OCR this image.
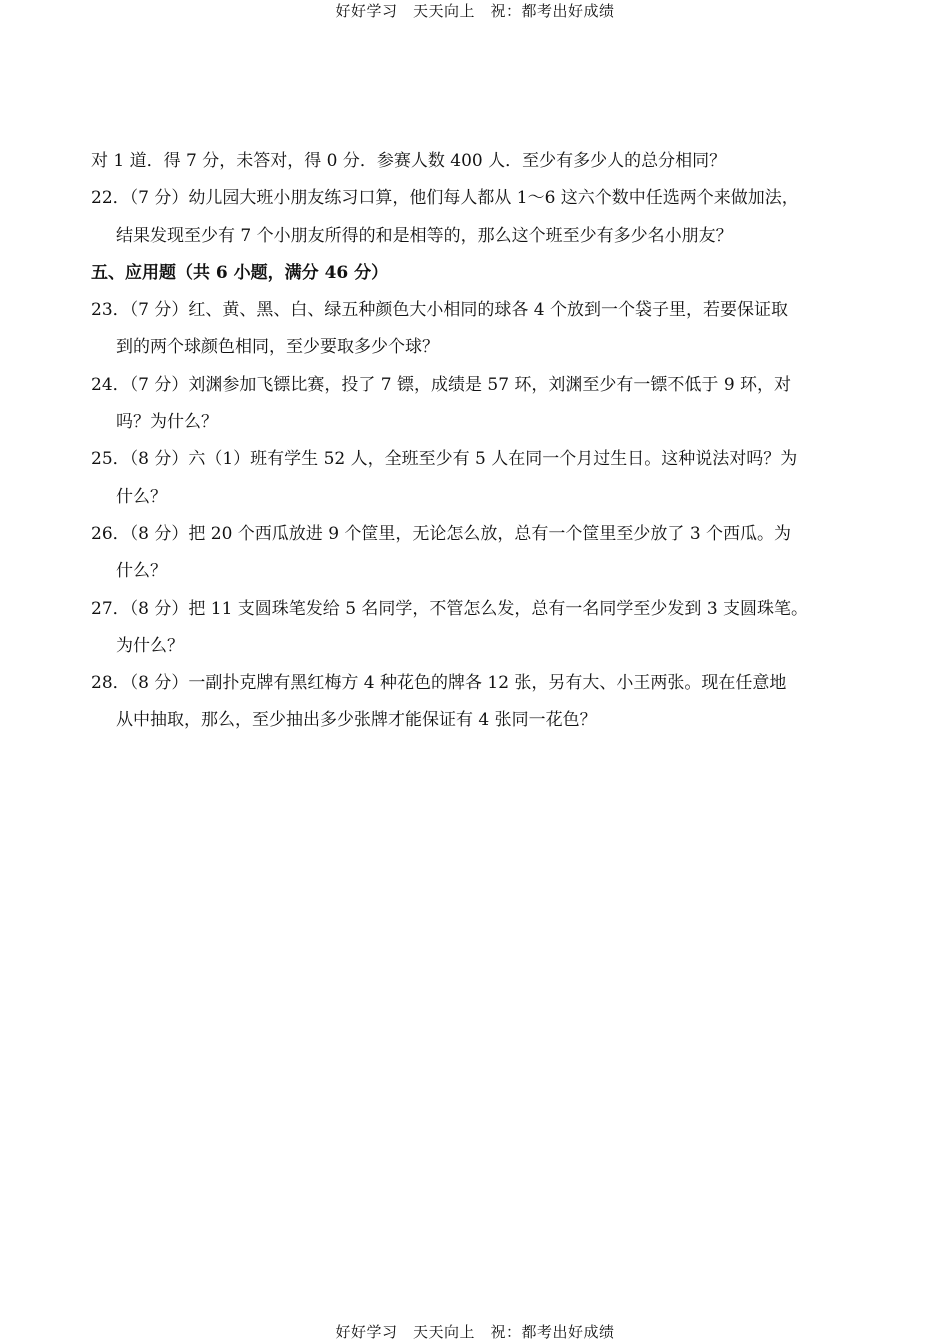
好好学习　天天向上　祝：都考出好成绩
对 1 道．得 7 分，未答对，得 0 分．参赛人数 400 人．至少有多少人的总分相同？
22．（7 分）幼儿园大班小朋友练习口算，他们每人都从 1～6 这六个数中任选两个来做加法，
结果发现至少有 7 个小朋友所得的和是相等的，那么这个班至少有多少名小朋友？
五、应用题（共 6 小题，满分 46 分）
23．（7 分）红、黄、黑、白、绿五种颜色大小相同的球各 4 个放到一个袋子里，若要保证取
到的两个球颜色相同，至少要取多少个球？
24．（7 分）刘渊参加飞镖比赛，投了 7 镖，成绩是 57 环，刘渊至少有一镖不低于 9 环，对
吗？为什么？
25．（8 分）六（1）班有学生 52 人，全班至少有 5 人在同一个月过生日。这种说法对吗？为
什么？
26．（8 分）把 20 个西瓜放进 9 个筐里，无论怎么放，总有一个筐里至少放了 3 个西瓜。为
什么？
27．（8 分）把 11 支圆珠笔发给 5 名同学，不管怎么发，总有一名同学至少发到 3 支圆珠笔。
为什么？
28．（8 分）一副扑克牌有黑红梅方 4 种花色的牌各 12 张，另有大、小王两张。现在任意地
从中抽取，那么，至少抽出多少张牌才能保证有 4 张同一花色？
好好学习　天天向上　祝：都考出好成绩
